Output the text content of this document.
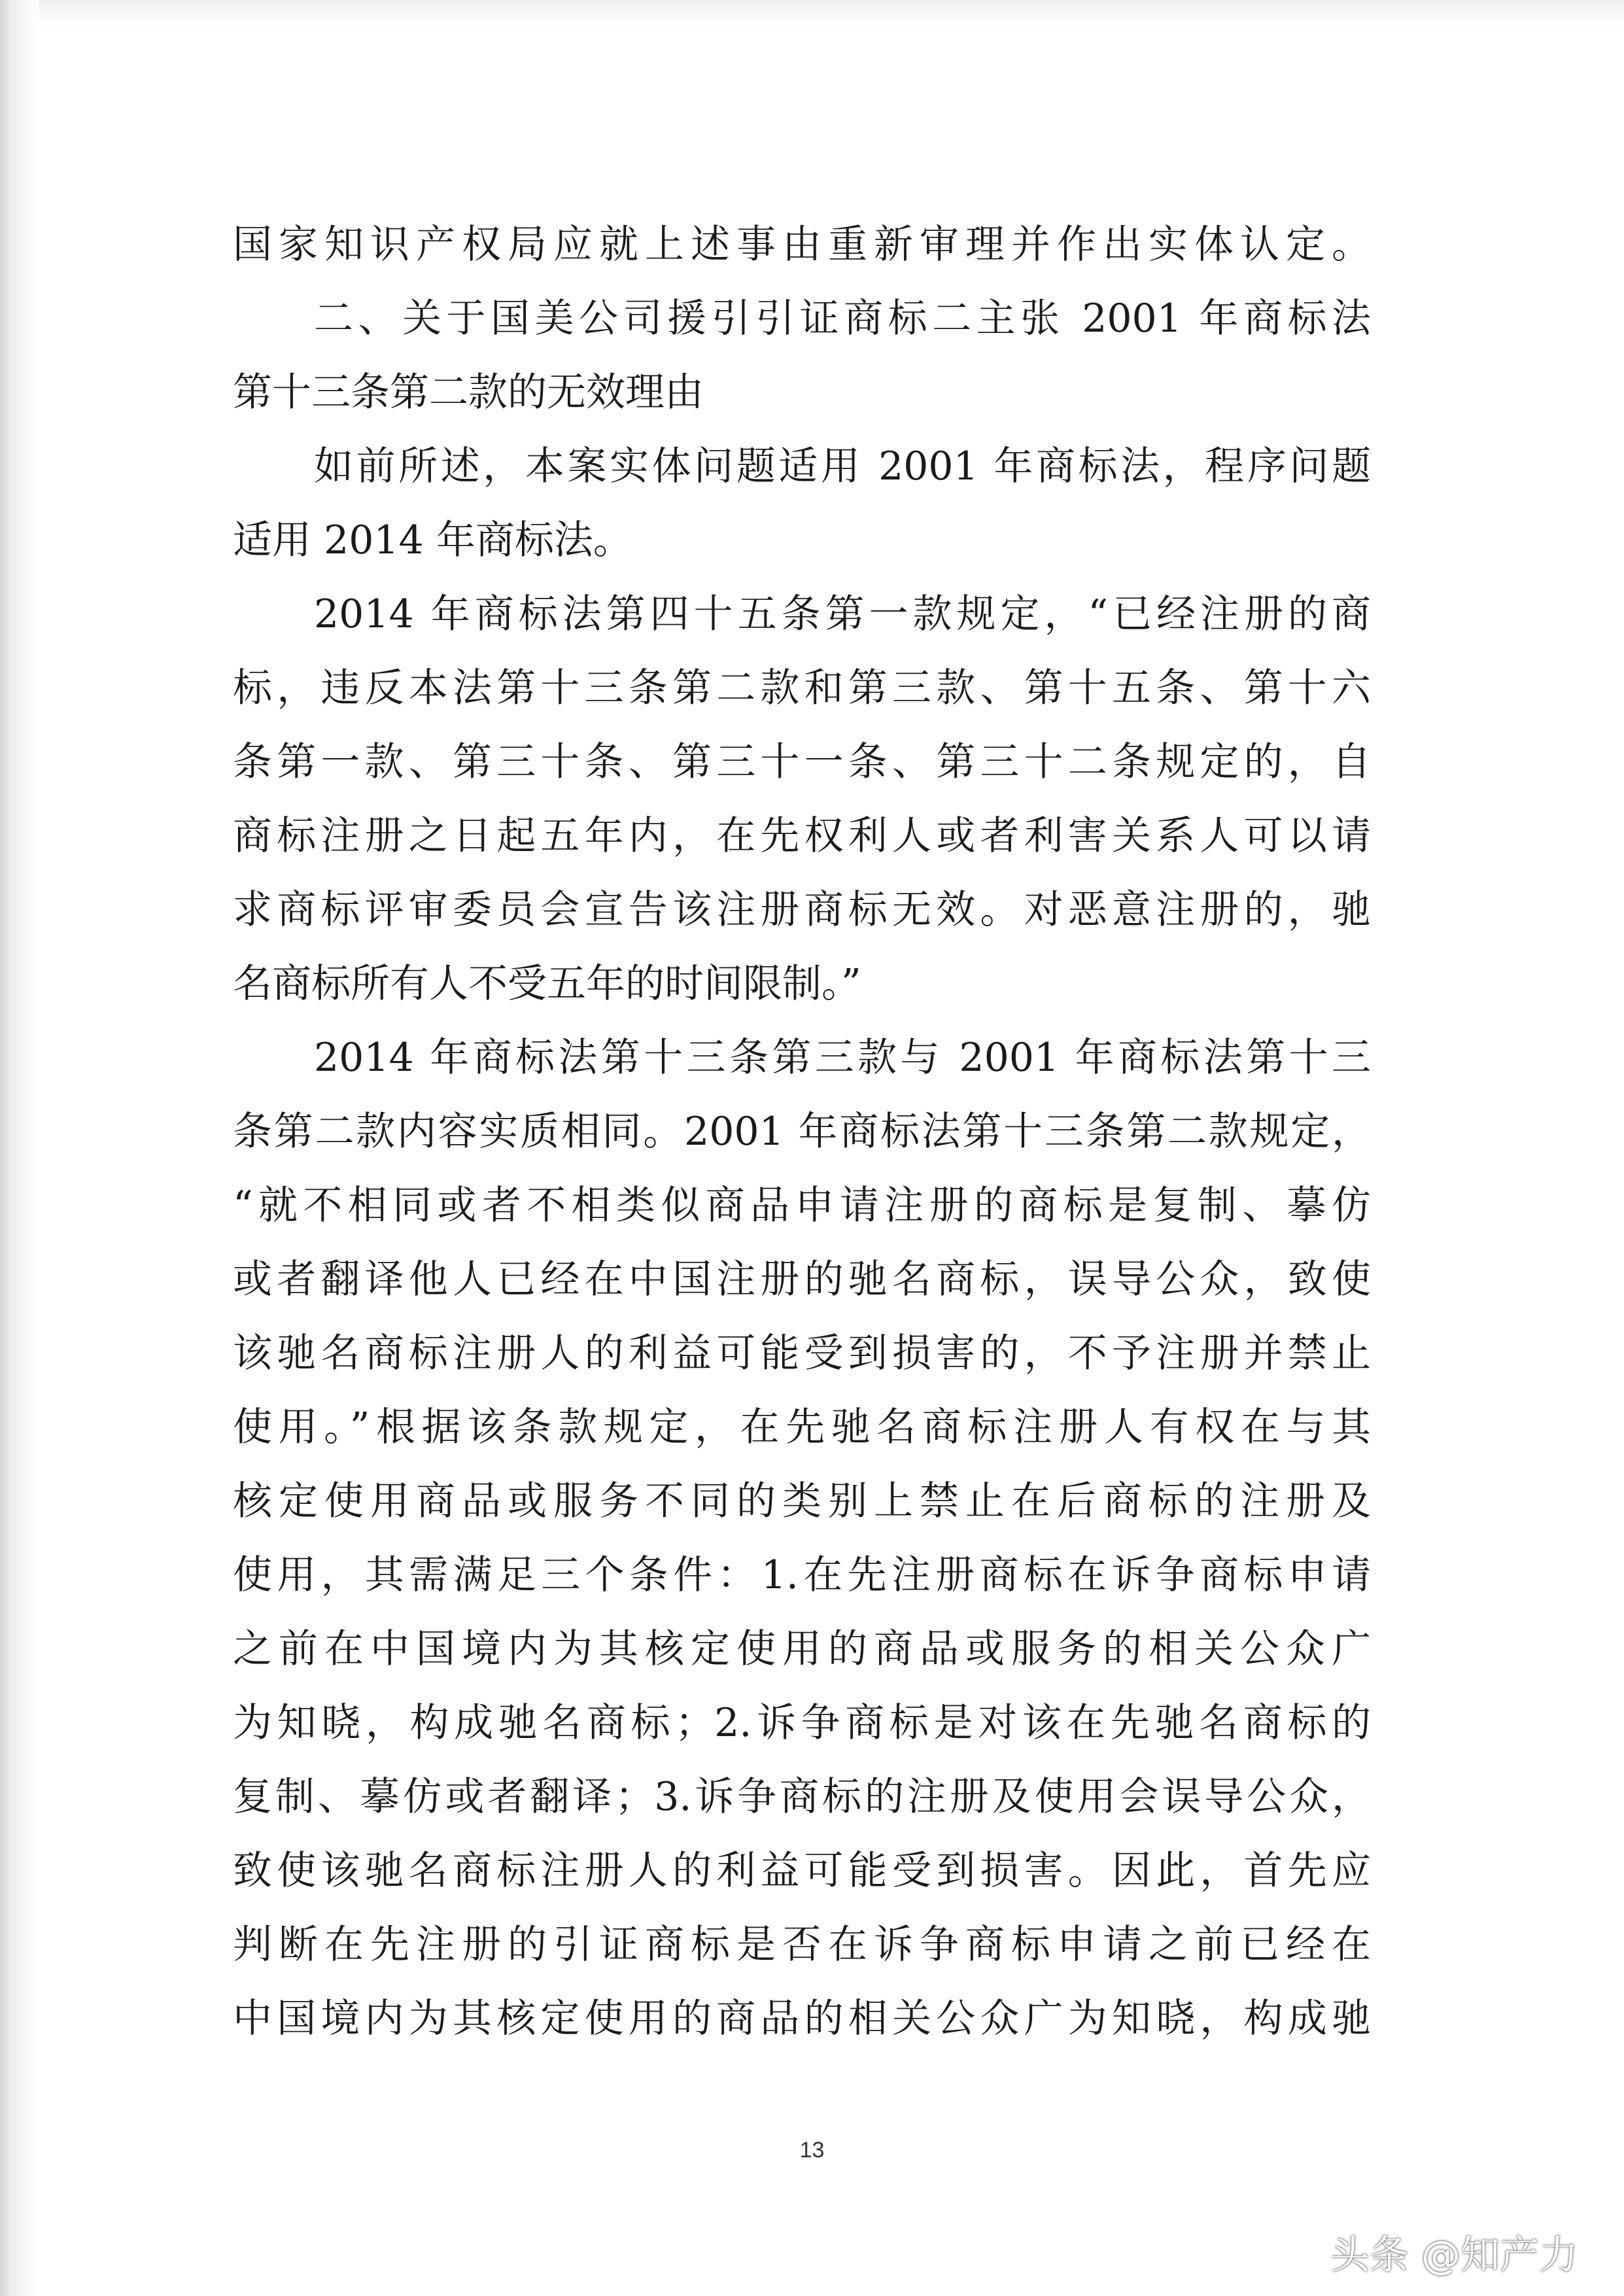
国家知识产权局应就上述事由重新审理并作出实体认定。
二、关于国美公司援引引证商标二主张 2001 年商标法
第十三条第二款的无效理由
如前所述，本案实体问题适用 2001 年商标法，程序问题
适用 2014 年商标法。
2014 年商标法第四十五条第一款规定，“已经注册的商
标，违反本法第十三条第二款和第三款、第十五条、第十六
条第一款、第三十条、第三十一条、第三十二条规定的，自
商标注册之日起五年内，在先权利人或者利害关系人可以请
求商标评审委员会宣告该注册商标无效。对恶意注册的，驰
名商标所有人不受五年的时间限制。”
2014 年商标法第十三条第三款与 2001 年商标法第十三
条第二款内容实质相同。2001 年商标法第十三条第二款规定，
“就不相同或者不相类似商品申请注册的商标是复制、摹仿
或者翻译他人已经在中国注册的驰名商标，误导公众，致使
该驰名商标注册人的利益可能受到损害的，不予注册并禁止
使用。”根据该条款规定，在先驰名商标注册人有权在与其
核定使用商品或服务不同的类别上禁止在后商标的注册及
使用，其需满足三个条件：1.在先注册商标在诉争商标申请
之前在中国境内为其核定使用的商品或服务的相关公众广
为知晓，构成驰名商标；2.诉争商标是对该在先驰名商标的
复制、摹仿或者翻译；3.诉争商标的注册及使用会误导公众，
致使该驰名商标注册人的利益可能受到损害。因此，首先应
判断在先注册的引证商标是否在诉争商标申请之前已经在
中国境内为其核定使用的商品的相关公众广为知晓，构成驰
13
头条 @知产力
